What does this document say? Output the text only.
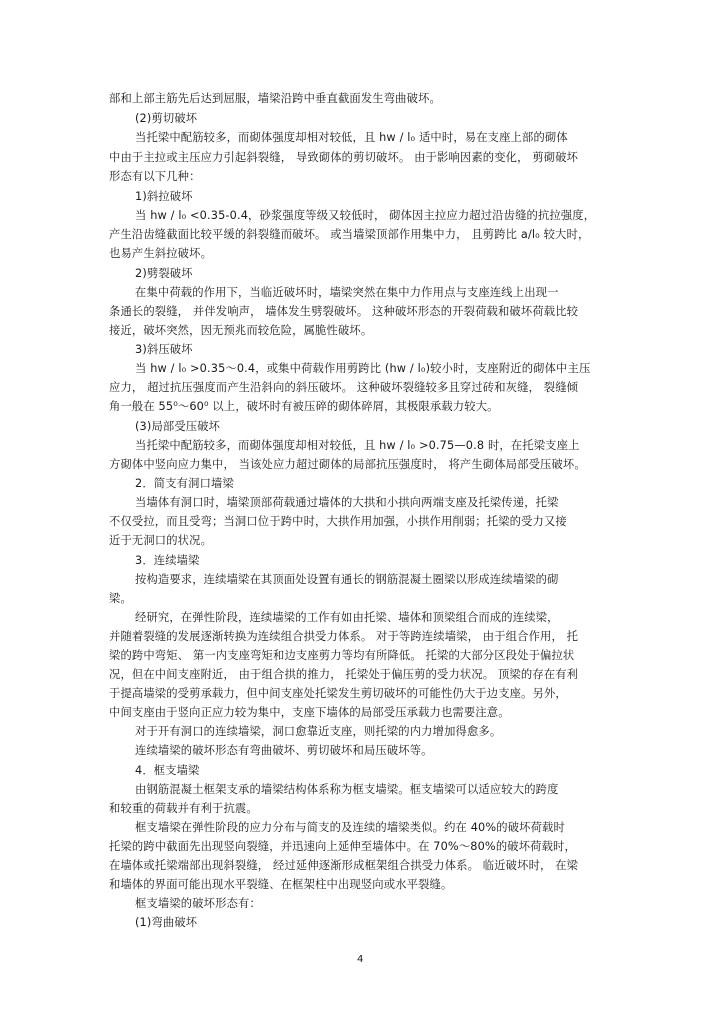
部和上部主筋先后达到屈服，墙梁沿跨中垂直截面发生弯曲破坏。
(2)剪切破坏
当托梁中配筋较多，而砌体强度却相对较低，且 hw / l₀ 适中时，易在支座上部的砌体
中由于主拉或主压应力引起斜裂缝， 导致砌体的剪切破坏。 由于影响因素的变化， 剪砌破坏
形态有以下几种：
1)斜拉破坏
当 hw / l₀ <0.35-0.4，砂浆强度等级又较低时， 砌体因主拉应力超过沿齿缝的抗拉强度，
产生沿齿缝截面比较平缓的斜裂缝而破坏。 或当墙梁顶部作用集中力， 且剪跨比 a/l₀ 较大时，
也易产生斜拉破坏。
2)劈裂破坏
在集中荷载的作用下，当临近破坏时，墙梁突然在集中力作用点与支座连线上出现一
条通长的裂缝， 并伴发响声， 墙体发生劈裂破坏。 这种破坏形态的开裂荷载和破坏荷载比较
接近，破坏突然，因无预兆而较危险，属脆性破坏。
3)斜压破坏
当 hw / l₀ >0.35～0.4，或集中荷载作用剪跨比 (hw / l₀)较小时，支座附近的砌体中主压
应力， 超过抗压强度而产生沿斜向的斜压破坏。 这种破坏裂缝较多且穿过砖和灰缝， 裂缝倾
角一般在 55⁰～60⁰ 以上，破坏时有被压碎的砌体碎屑，其极限承载力较大。
(3)局部受压破坏
当托梁中配筋较多，而砌体强度却相对较低，且 hw / l₀ >0.75—0.8 时，在托梁支座上
方砌体中竖向应力集中， 当该处应力超过砌体的局部抗压强度时， 将产生砌体局部受压破坏。
2．简支有洞口墙梁
当墙体有洞口时，墙梁顶部荷载通过墙体的大拱和小拱向两端支座及托梁传递，托梁
不仅受拉，而且受弯；当洞口位于跨中时，大拱作用加强，小拱作用削弱；托梁的受力又接
近于无洞口的状况。
3．连续墙梁
按构造要求，连续墙梁在其顶面处设置有通长的钢筋混凝土圈梁以形成连续墙梁的砌
梁。
经研究，在弹性阶段，连续墙梁的工作有如由托梁、墙体和顶梁组合而成的连续梁，
并随着裂缝的发展逐渐转换为连续组合拱受力体系。 对于等跨连续墙梁， 由于组合作用， 托
梁的跨中弯矩、 第一内支座弯矩和边支座剪力等均有所降低。 托梁的大部分区段处于偏拉状
况，但在中间支座附近， 由于组合拱的推力， 托梁处于偏压剪的受力状况。 顶梁的存在有利
于提高墙梁的受剪承载力，但中间支座处托梁发生剪切破坏的可能性仍大于边支座。另外，
中间支座由于竖向正应力较为集中，支座下墙体的局部受压承载力也需要注意。
对于开有洞口的连续墙梁，洞口愈靠近支座，则托梁的内力增加得愈多。
连续墙梁的破坏形态有弯曲破坏、剪切破坏和局压破坏等。
4．框支墙梁
由钢筋混凝土框架支承的墙梁结构体系称为框支墙梁。框支墙梁可以适应较大的跨度
和较重的荷载并有利于抗震。
框支墙梁在弹性阶段的应力分布与简支的及连续的墙梁类似。约在 40%的破坏荷载时
托梁的跨中截面先出现竖向裂缝，并迅速向上延伸至墙体中。在 70%～80%的破坏荷载时，
在墙体或托梁端部出现斜裂缝， 经过延伸逐渐形成框架组合拱受力体系。 临近破坏时， 在梁
和墙体的界面可能出现水平裂缝、在框架柱中出现竖向或水平裂缝。
框支墙梁的破坏形态有：
(1)弯曲破坏
4
